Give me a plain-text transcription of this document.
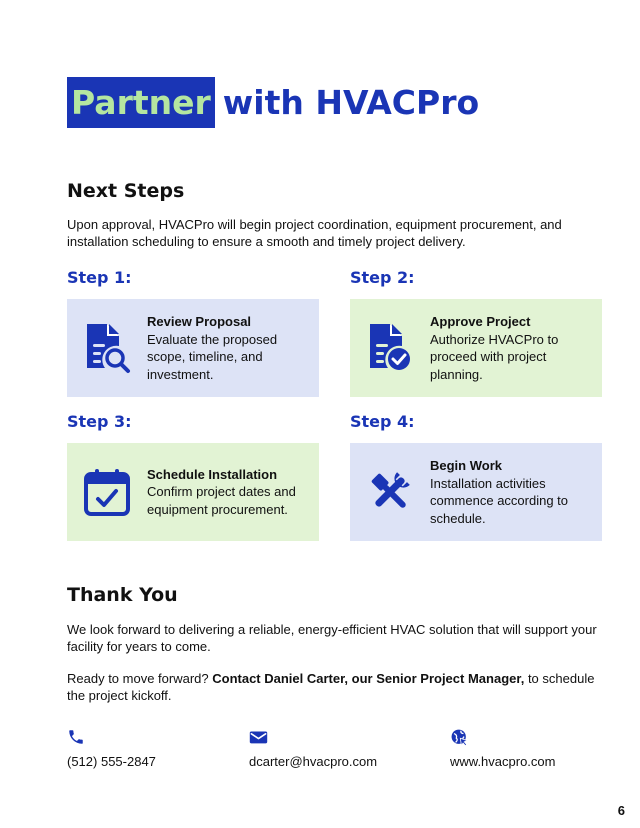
Partner with HVACPro
Next Steps

Upon approval, HVACPro will begin project coordination, equipment procurement, and installation scheduling to ensure a smooth and timely project delivery.

Step 1:
Review Proposal
Evaluate the proposed scope, timeline, and investment.
Step 2:
Approve Project
Authorize HVACPro to proceed with project planning.
Step 3:
Schedule Installation
Confirm project dates and equipment procurement.
Step 4:
Begin Work
Installation activities commence according to schedule.
Thank You

We look forward to delivering a reliable, energy-efficient HVAC solution that will support your facility for years to come.

Ready to move forward? Contact Daniel Carter, our Senior Project Manager, to schedule the project kickoff.

(512) 555-2847	dcarter@hvacpro.com	www.hvacpro.com
6
